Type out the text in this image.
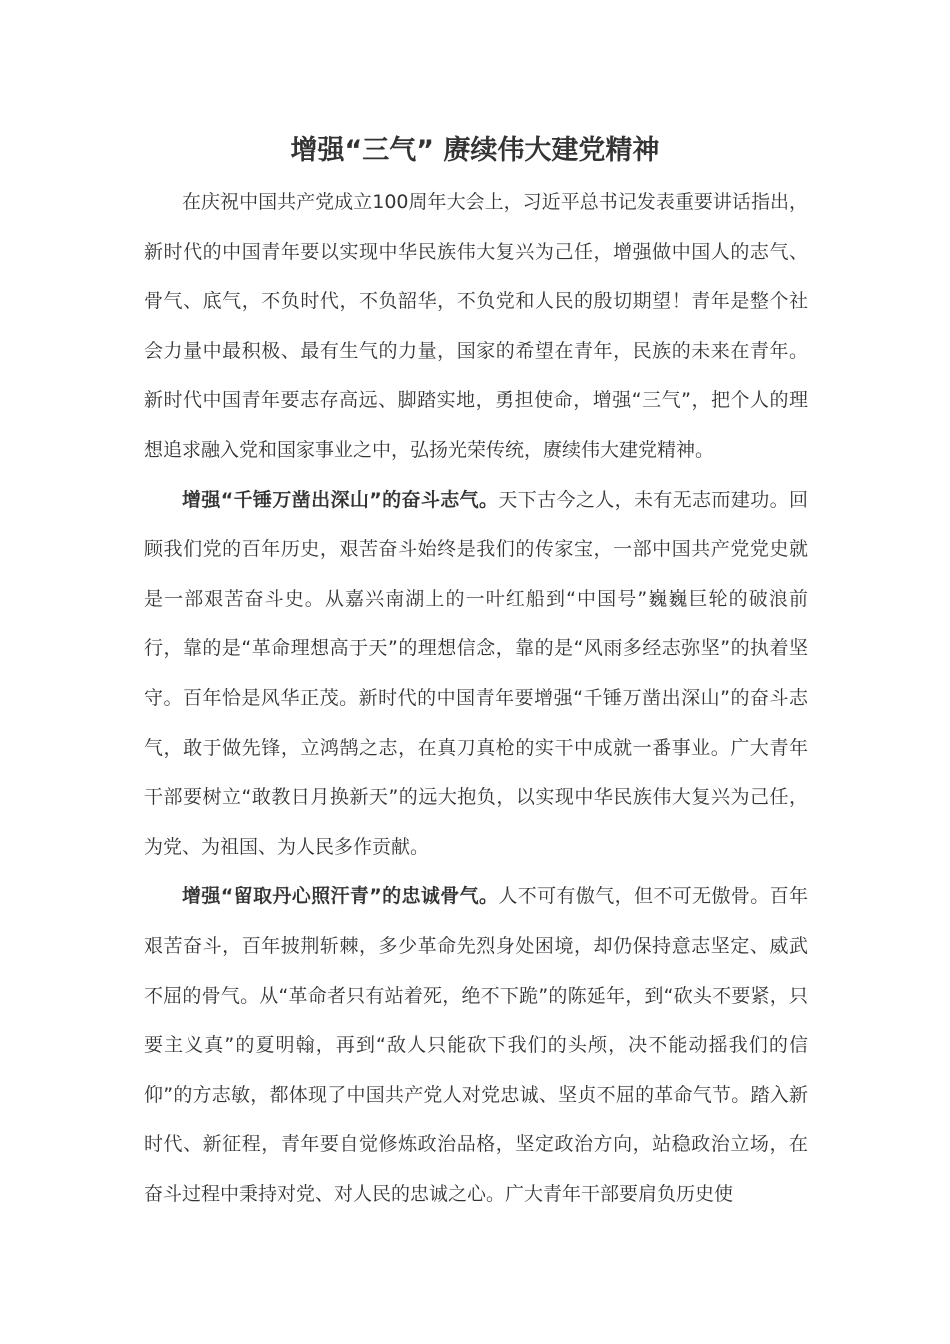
增强“三气” 赓续伟大建党精神

在庆祝中国共产党成立100周年大会上，习近平总书记发表重要讲话指出，新时代的中国青年要以实现中华民族伟大复兴为己任，增强做中国人的志气、骨气、底气，不负时代，不负韶华，不负党和人民的殷切期望！青年是整个社会力量中最积极、最有生气的力量，国家的希望在青年，民族的未来在青年。新时代中国青年要志存高远、脚踏实地，勇担使命，增强“三气”，把个人的理想追求融入党和国家事业之中，弘扬光荣传统，赓续伟大建党精神。

增强“千锤万凿出深山”的奋斗志气。天下古今之人，未有无志而建功。回顾我们党的百年历史，艰苦奋斗始终是我们的传家宝，一部中国共产党党史就是一部艰苦奋斗史。从嘉兴南湖上的一叶红船到“中国号”巍巍巨轮的破浪前行，靠的是“革命理想高于天”的理想信念，靠的是“风雨多经志弥坚”的执着坚守。百年恰是风华正茂。新时代的中国青年要增强“千锤万凿出深山”的奋斗志气，敢于做先锋，立鸿鹄之志，在真刀真枪的实干中成就一番事业。广大青年干部要树立“敢教日月换新天”的远大抱负，以实现中华民族伟大复兴为己任，为党、为祖国、为人民多作贡献。

增强“留取丹心照汗青”的忠诚骨气。人不可有傲气，但不可无傲骨。百年艰苦奋斗，百年披荆斩棘，多少革命先烈身处困境，却仍保持意志坚定、威武不屈的骨气。从“革命者只有站着死，绝不下跪”的陈延年，到“砍头不要紧，只要主义真”的夏明翰，再到“敌人只能砍下我们的头颅，决不能动摇我们的信仰”的方志敏，都体现了中国共产党人对党忠诚、坚贞不屈的革命气节。踏入新时代、新征程，青年要自觉修炼政治品格，坚定政治方向，站稳政治立场，在奋斗过程中秉持对党、对人民的忠诚之心。广大青年干部要肩负历史使
